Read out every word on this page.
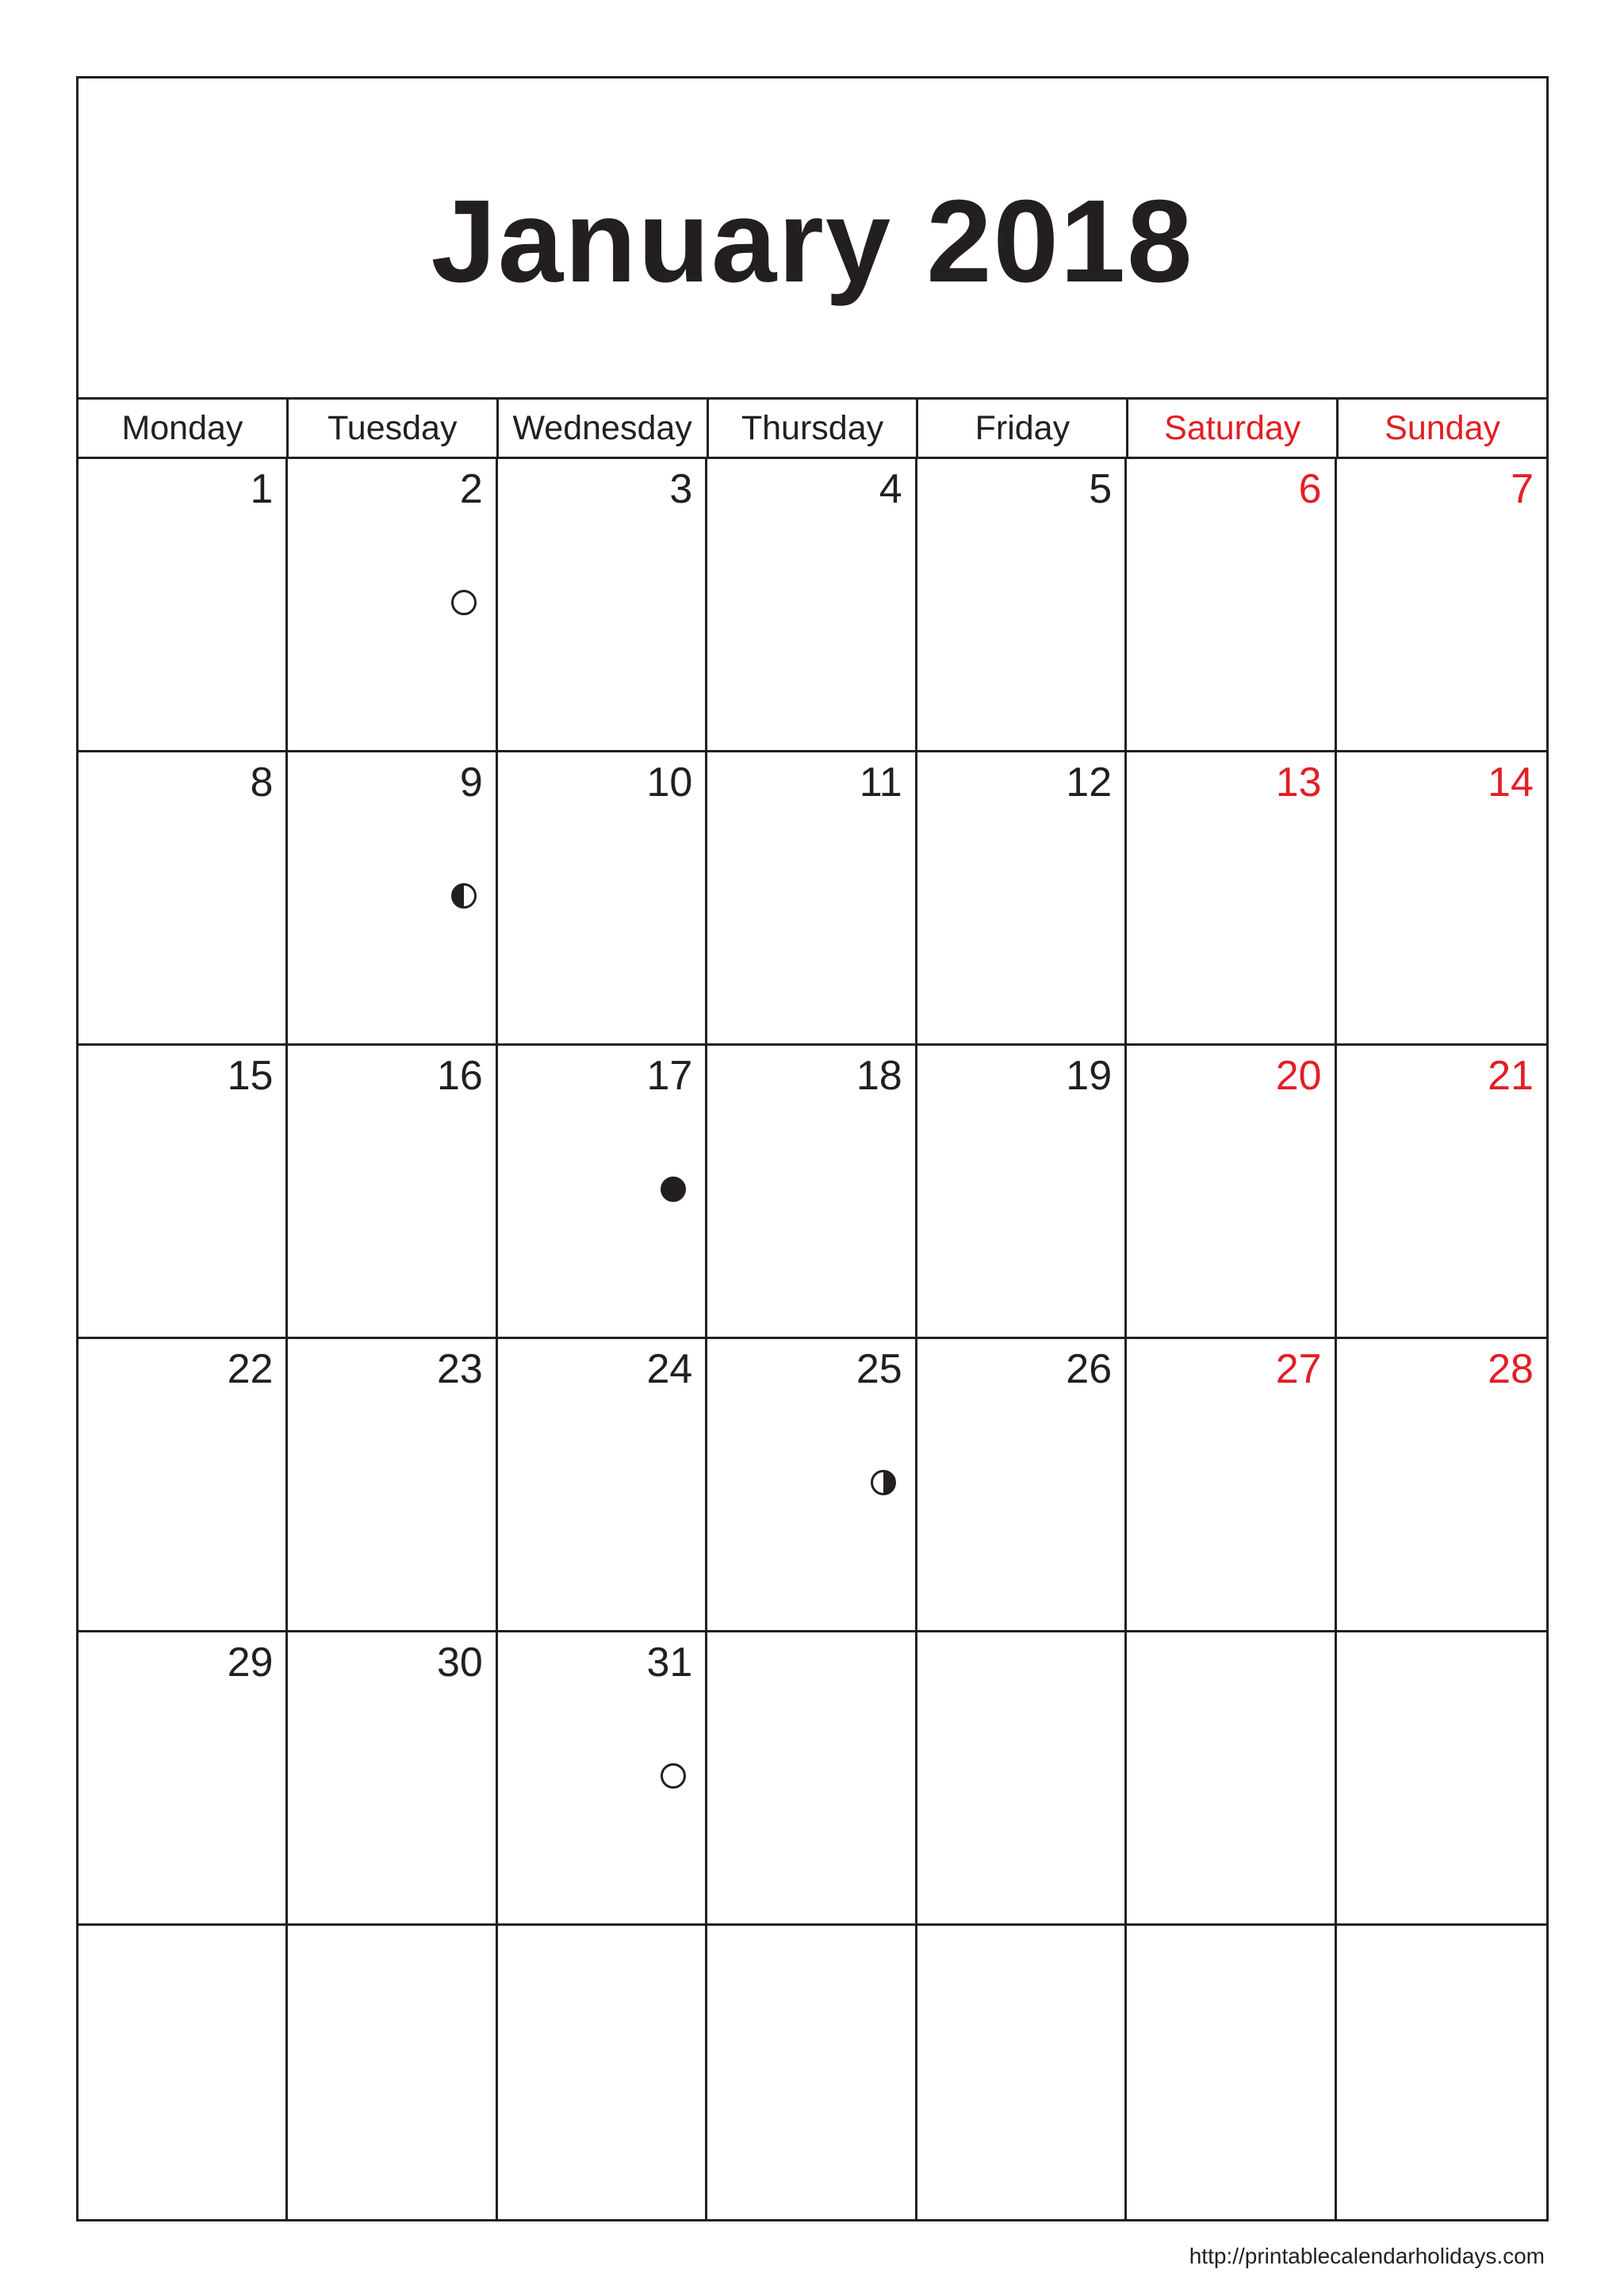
January 2018
Monday	Tuesday	Wednesday	Thursday	Friday	Saturday	Sunday
1	2	3	4	5	6	7
8	9	10	11	12	13	14
15	16	17	18	19	20	21
22	23	24	25	26	27	28
29	30	31
http://printablecalendarholidays.com
